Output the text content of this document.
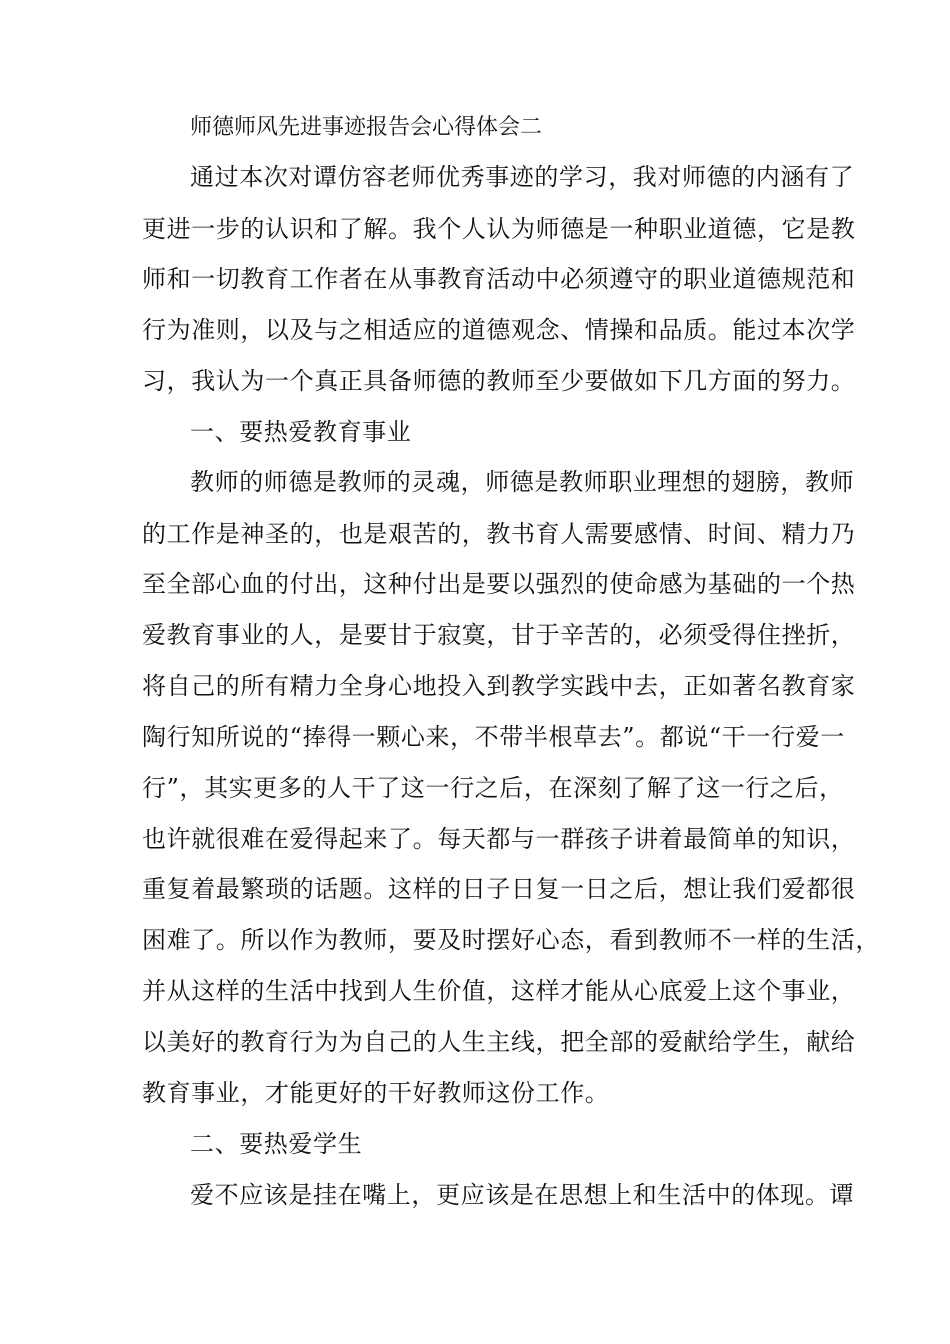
师德师风先进事迹报告会心得体会二
通过本次对谭仿容老师优秀事迹的学习，我对师德的内涵有了
更进一步的认识和了解。我个人认为师德是一种职业道德，它是教
师和一切教育工作者在从事教育活动中必须遵守的职业道德规范和
行为准则，以及与之相适应的道德观念、情操和品质。能过本次学
习，我认为一个真正具备师德的教师至少要做如下几方面的努力。
一、要热爱教育事业
教师的师德是教师的灵魂，师德是教师职业理想的翅膀，教师
的工作是神圣的，也是艰苦的，教书育人需要感情、时间、精力乃
至全部心血的付出，这种付出是要以强烈的使命感为基础的一个热
爱教育事业的人，是要甘于寂寞，甘于辛苦的，必须受得住挫折，
将自己的所有精力全身心地投入到教学实践中去，正如著名教育家
陶行知所说的“捧得一颗心来，不带半根草去”。都说“干一行爱一
行”，其实更多的人干了这一行之后，在深刻了解了这一行之后，
也许就很难在爱得起来了。每天都与一群孩子讲着最简单的知识，
重复着最繁琐的话题。这样的日子日复一日之后，想让我们爱都很
困难了。所以作为教师，要及时摆好心态，看到教师不一样的生活，
并从这样的生活中找到人生价值，这样才能从心底爱上这个事业，
以美好的教育行为为自己的人生主线，把全部的爱献给学生，献给
教育事业，才能更好的干好教师这份工作。
二、要热爱学生
爱不应该是挂在嘴上，更应该是在思想上和生活中的体现。谭
